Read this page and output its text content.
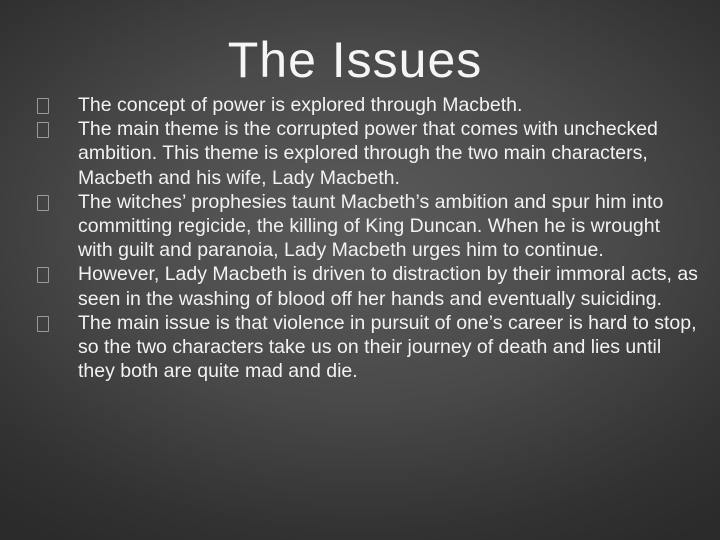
The Issues
The concept of power is explored through Macbeth.
The main theme is the corrupted power that comes with unchecked ambition. This theme is explored through the two main characters, Macbeth and his wife, Lady Macbeth.
The witches’ prophesies taunt Macbeth’s ambition and spur him into committing regicide, the killing of King Duncan. When he is wrought with guilt and paranoia, Lady Macbeth urges him to continue.
However, Lady Macbeth is driven to distraction by their immoral acts, as seen in the washing of blood off her hands and eventually suiciding.
The main issue is that violence in pursuit of one’s career is hard to stop, so the two characters take us on their journey of death and lies until they both are quite mad and die.
